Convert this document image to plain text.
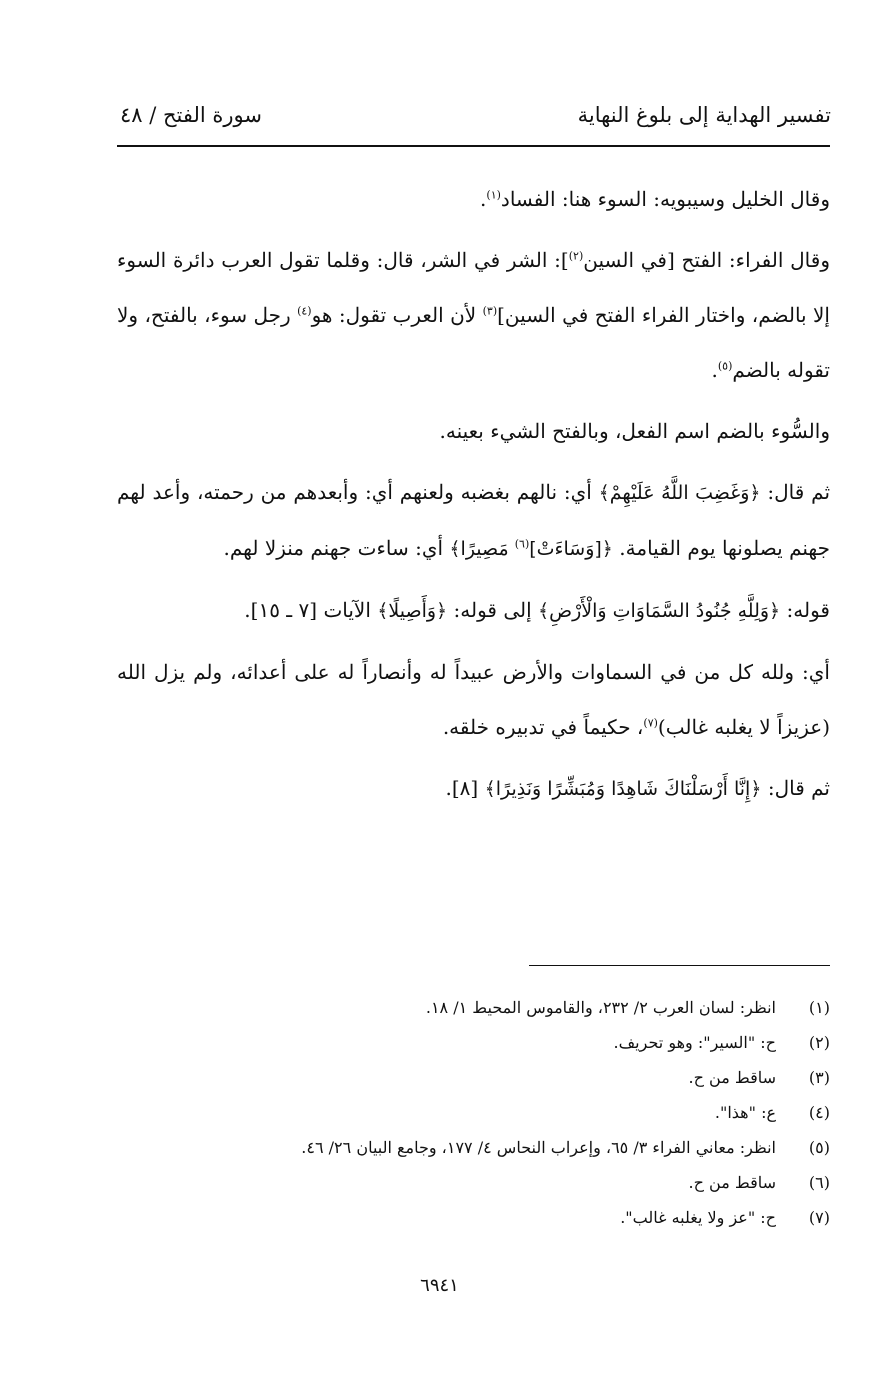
تفسير الهداية إلى بلوغ النهاية
سورة الفتح / ٤٨

وقال الخليل وسيبويه: السوء هنا: الفساد$^{(١)}$.

وقال الفراء: الفتح [في السين$^{(٢)}$]: الشر في الشر، قال: وقلما تقول العرب دائرة السوء إلا بالضم، واختار الفراء الفتح في السين]$^{(٣)}$ لأن العرب تقول: هو$^{(٤)}$ رجل سوء، بالفتح، ولا تقوله بالضم$^{(٥)}$.

والسُّوء بالضم اسم الفعل، وبالفتح الشيء بعينه.

ثم قال: ﴿وَغَضِبَ اللَّهُ عَلَيْهِمْ﴾ أي: نالهم بغضبه ولعنهم أي: وأبعدهم من رحمته، وأعد لهم جهنم يصلونها يوم القيامة. ﴿[وَسَاءَتْ]$^{(٦)}$ مَصِيرًا﴾ أي: ساءت جهنم منزلا لهم.

قوله: ﴿وَلِلَّهِ جُنُودُ السَّمَاوَاتِ وَالْأَرْضِ﴾ إلى قوله: ﴿وَأَصِيلًا﴾ الآيات [٧ ـ ١٥].

أي: ولله كل من في السماوات والأرض عبيداً له وأنصاراً له على أعدائه، ولم يزل الله (عزيزاً لا يغلبه غالب)$^{(٧)}$، حكيماً في تدبيره خلقه.

ثم قال: ﴿إِنَّا أَرْسَلْنَاكَ شَاهِدًا وَمُبَشِّرًا وَنَذِيرًا﴾ [٨].

(١)
انظر: لسان العرب ٢/ ٢٣٢، والقاموس المحيط ١/ ١٨.
(٢)
ح: "السير": وهو تحريف.
(٣)
ساقط من ح.
(٤)
ع: "هذا".
(٥)
انظر: معاني الفراء ٣/ ٦٥، وإعراب النحاس ٤/ ١٧٧، وجامع البيان ٢٦/ ٤٦.
(٦)
ساقط من ح.
(٧)
ح: "عز ولا يغلبه غالب".
٦٩٤١
